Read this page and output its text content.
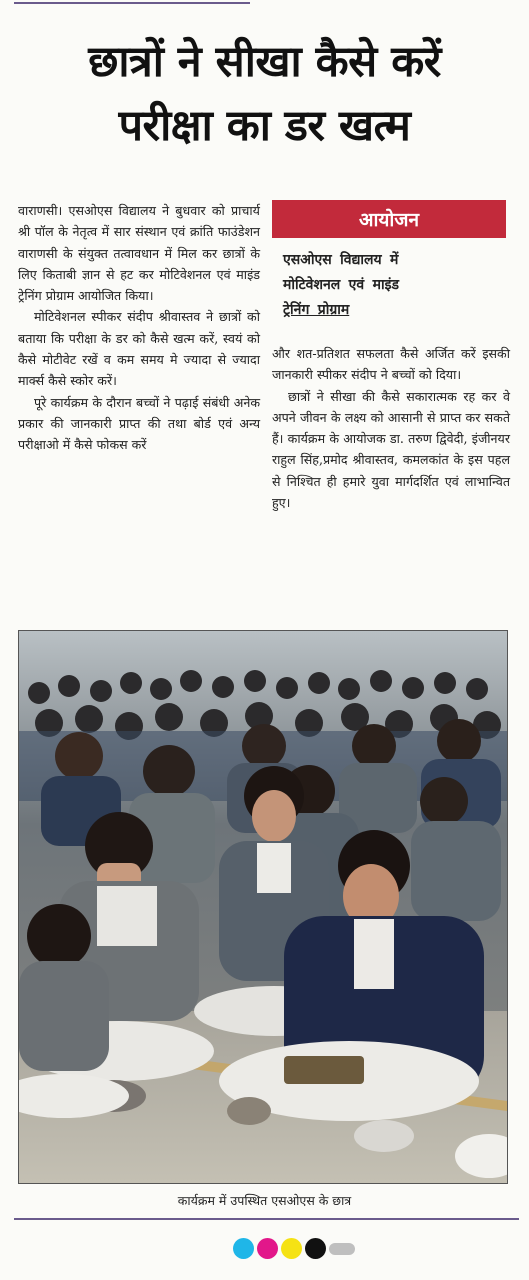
छात्रों ने सीखा कैसे करें
परीक्षा का डर खत्म

वाराणसी। एसओएस विद्यालय ने बुधवार को प्राचार्य श्री पॉल के नेतृत्व में सार संस्थान एवं क्रांति फाउंडेशन वाराणसी के संयुक्त तत्वावधान में मिल कर छात्रों के लिए किताबी ज्ञान से हट कर मोटिवेशनल एवं माइंड ट्रेनिंग प्रोग्राम आयोजित किया।

मोटिवेशनल स्पीकर संदीप श्रीवास्तव ने छात्रों को बताया कि परीक्षा के डर को कैसे खत्म करें, स्वयं को कैसे मोटीवेट रखें व कम समय मे ज्यादा से ज्यादा मार्क्स कैसे स्कोर करें।

पूरे कार्यक्रम के दौरान बच्चों ने पढ़ाई संबंधी अनेक प्रकार की जानकारी प्राप्त की तथा बोर्ड एवं अन्य परीक्षाओ में कैसे फोकस करें

आयोजन
एसओएस विद्यालय में
मोटिवेशनल एवं माइंड
ट्रेनिंग प्रोग्राम

और शत-प्रतिशत सफलता कैसे अर्जित करें इसकी जानकारी स्पीकर संदीप ने बच्चों को दिया।

छात्रों ने सीखा की कैसे सकारात्मक रह कर वे अपने जीवन के लक्ष्य को आसानी से प्राप्त कर सकते हैं। कार्यक्रम के आयोजक डा. तरुण द्विवेदी, इंजीनयर राहुल सिंह,प्रमोद श्रीवास्तव, कमलकांत के इस पहल से निश्चित ही हमारे युवा मार्गदर्शित एवं लाभान्वित हुए।

कार्यक्रम में उपस्थित एसओएस के छात्र
